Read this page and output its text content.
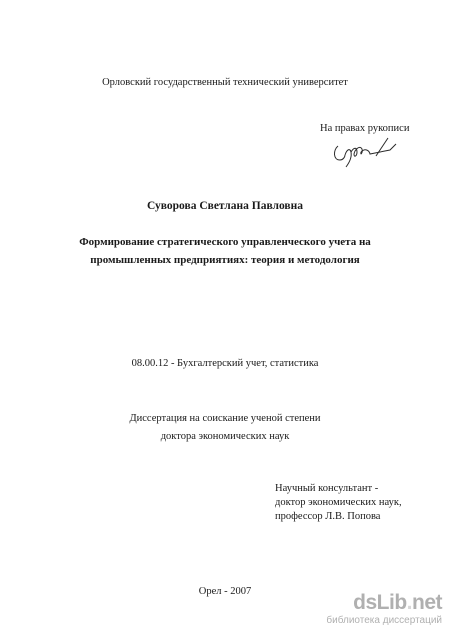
Орловский государственный технический университет
На правах рукописи
Суворова Светлана Павловна
Формирование стратегического управленческого учета на
промышленных предприятиях: теория и методология
08.00.12 - Бухгалтерский учет, статистика
Диссертация на соискание ученой степени
доктора экономических наук
Научный консультант -
доктор экономических наук,
профессор Л.В. Попова
Орел - 2007	dsLib.net
библиотека диссертаций
